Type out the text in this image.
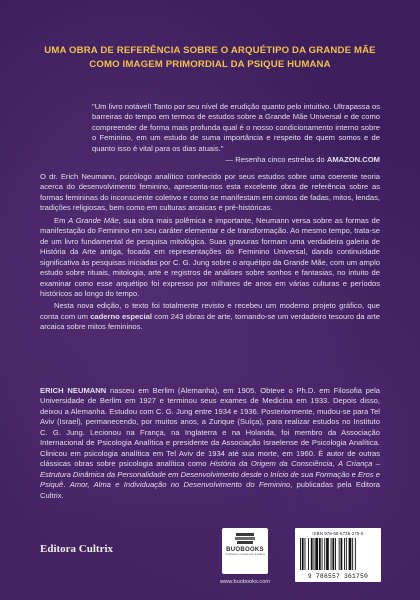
UMA OBRA DE REFERÊNCIA SOBRE O ARQUÉTIPO DA GRANDE MÃE
COMO IMAGEM PRIMORDIAL DA PSIQUE HUMANA

"Um livro notável! Tanto por seu nível de erudição quanto pelo intuitivo. Ultrapassa os barreiras do tempo em termos de estudos sobre a Grande Mãe Universal e de como compreender de forma mais profunda qual é o nosso condicionamento interno sobre o Feminino, em um estudo de suma importância e respeito de quem somos e de quanto isso é vital para os dias atuais."

— Resenha cinco estrelas do AMAZON.COM

O dr. Erich Neumann, psicólogo analítico conhecido por seus estudos sobre uma coerente teoria acerca do desenvolvimento feminino, apresenta-nos esta excelente obra de referência sobre as formas femininas do inconsciente coletivo e como se manifestam em contos de fadas, mitos, lendas, tradições religiosas, bem como em culturas arcaicas e pré-históricas.

Em A Grande Mãe, sua obra mais polêmica e importante, Neumann versa sobre as formas de manifestação do Feminino em seu caráter elementar e de transformação. Ao mesmo tempo, trata-se de um livro fundamental de pesquisa mitológica. Suas gravuras formam uma verdadeira galeria de História da Arte antiga, focada em representações do Feminino Universal, dando continuidade significativa às pesquisas iniciadas por C. G. Jung sobre o arquétipo da Grande Mãe, com um amplo estudo sobre rituais, mitologia, arte e registros de análises sobre sonhos e fantasias, no intuito de examinar como esse arquétipo foi expresso por milhares de anos em várias culturas e períodos históricos ao longo do tempo.

Nesta nova edição, o texto foi totalmente revisto e recebeu um moderno projeto gráfico, que conta com um caderno especial com 243 obras de arte, tornando-se um verdadeiro tesouro da arte arcaica sobre mitos femininos.

ERICH NEUMANN nasceu em Berlim (Alemanha), em 1905. Obteve o Ph.D. em Filosofia pela Universidade de Berlim em 1927 e terminou seus exames de Medicina em 1933. Depois disso, deixou a Alemanha. Estudou com C. G. Jung entre 1934 e 1936. Posteriormente, mudou-se para Tel Aviv (Israel), permanecendo, por muitos anos, a Zurique (Suíça), para realizar estudos no Instituto C. G. Jung. Lecionou na França, na Inglaterra e na Holanda, foi membro da Associação Internacional de Psicologia Analítica e presidente da Associação Israelense de Psicologia Analítica. Clinicou em psicologia analítica em Tel Aviv de 1934 até sua morte, em 1960. É autor de outras clássicas obras sobre psicologia analítica como História da Origem da Consciência, A Criança – Estrutura Dinâmica da Personalidade em Desenvolvimento desde o Início de sua Formação e Eros e Psiquê. Amor, Alma e Individuação no Desenvolvimento do Feminino, publicadas pela Editora Cultrix.
Editora Cultrix	BUOBOOKS
Conheça e cresça com a leitura
www.buobooks.com
ISBN 978-65-5736-275-0
9 786557 361750
